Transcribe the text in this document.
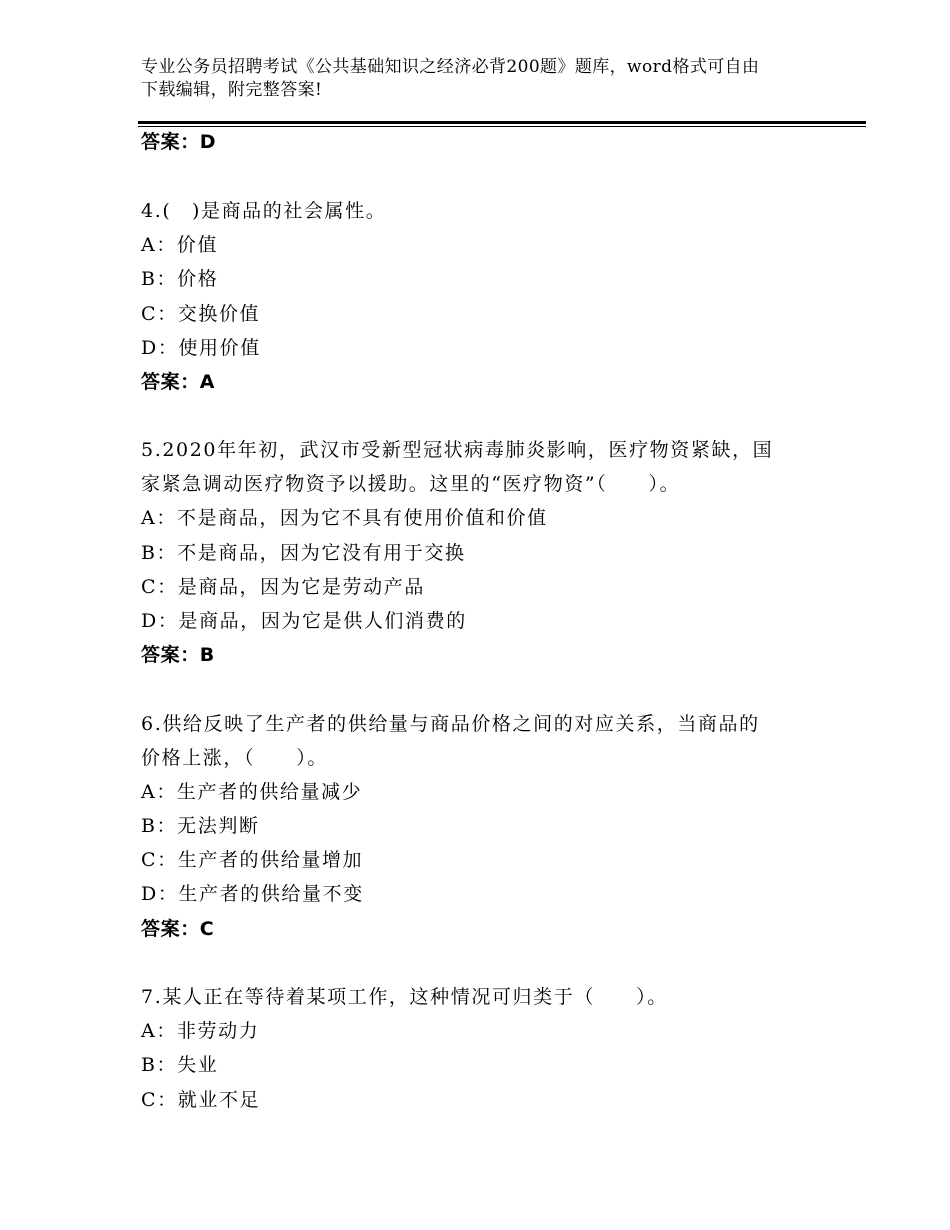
专业公务员招聘考试《公共基础知识之经济必背200题》题库，word格式可自由
下载编辑，附完整答案!
答案：D
4.(　)是商品的社会属性。
A：价值
B：价格
C：交换价值
D：使用价值
答案：A
5.2020年年初，武汉市受新型冠状病毒肺炎影响，医疗物资紧缺，国
家紧急调动医疗物资予以援助。这里的“医疗物资”（　　）。
A：不是商品，因为它不具有使用价值和价值
B：不是商品，因为它没有用于交换
C：是商品，因为它是劳动产品
D：是商品，因为它是供人们消费的
答案：B
6.供给反映了生产者的供给量与商品价格之间的对应关系，当商品的
价格上涨，（　　）。
A：生产者的供给量减少
B：无法判断
C：生产者的供给量增加
D：生产者的供给量不变
答案：C
7.某人正在等待着某项工作，这种情况可归类于（　　）。
A：非劳动力
B：失业
C：就业不足
